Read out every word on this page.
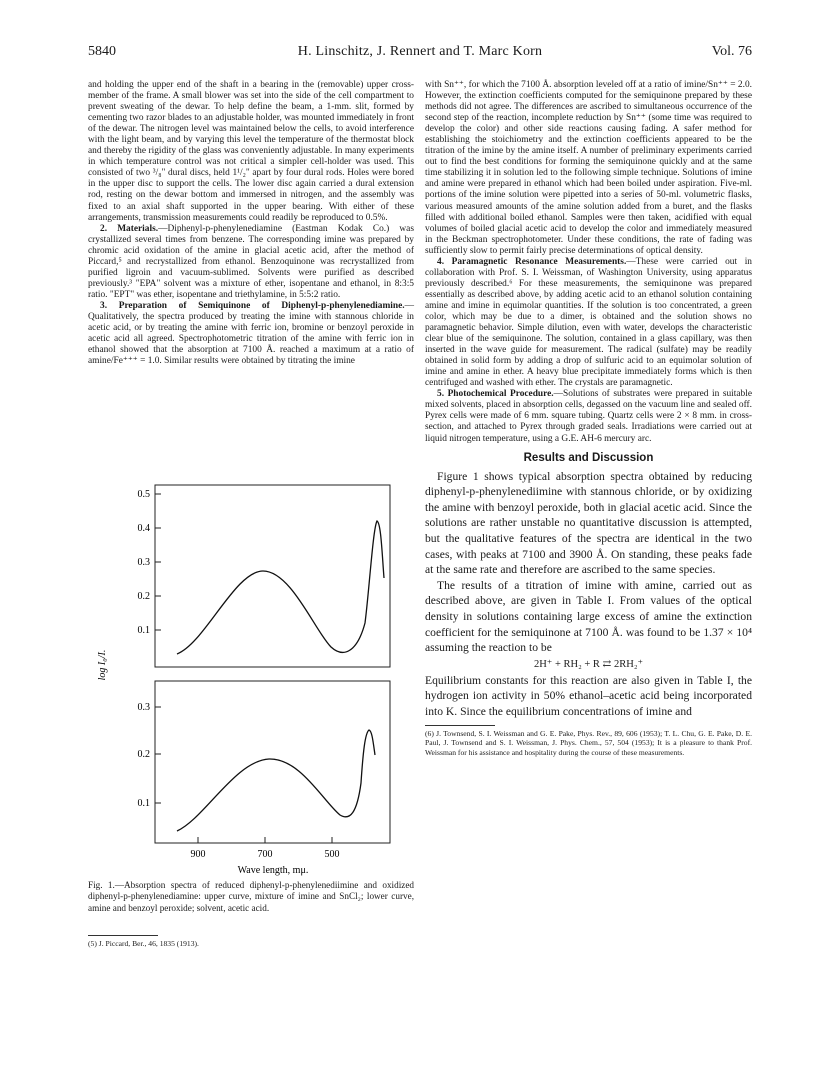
5840	H. Linschitz, J. Rennert and T. Marc Korn	Vol. 76

and holding the upper end of the shaft in a bearing in the (removable) upper cross-member of the frame. A small blower was set into the side of the cell compartment to prevent sweating of the dewar. To help define the beam, a 1-mm. slit, formed by cementing two razor blades to an adjustable holder, was mounted immediately in front of the dewar. The nitrogen level was maintained below the cells, to avoid interference with the light beam, and by varying this level the temperature of the thermostat block and thereby the rigidity of the glass was conveniently adjustable. In many experiments in which temperature control was not critical a simpler cell-holder was used. This consisted of two ³/₈" dural discs, held 1¹/₂" apart by four dural rods. Holes were bored in the upper disc to support the cells. The lower disc again carried a dural extension rod, resting on the dewar bottom and immersed in nitrogen, and the assembly was fixed to an axial shaft supported in the upper bearing. With either of these arrangements, transmission measurements could readily be reproduced to 0.5%.

2. Materials.—Diphenyl-p-phenylenediamine (Eastman Kodak Co.) was crystallized several times from benzene. The corresponding imine was prepared by chromic acid oxidation of the amine in glacial acetic acid, after the method of Piccard,⁵ and recrystallized from ethanol. Benzoquinone was recrystallized from purified ligroin and vacuum-sublimed. Solvents were purified as described previously.³ "EPA" solvent was a mixture of ether, isopentane and ethanol, in 8:3:5 ratio. "EPT" was ether, isopentane and triethylamine, in 5:5:2 ratio.

3. Preparation of Semiquinone of Diphenyl-p-phenylenediamine.—Qualitatively, the spectra produced by treating the imine with stannous chloride in acetic acid, or by treating the amine with ferric ion, bromine or benzoyl peroxide in acetic acid all agreed. Spectrophotometric titration of the amine with ferric ion in ethanol showed that the absorption at 7100 Å. reached a maximum at a ratio of amine/Fe⁺⁺⁺ = 1.0. Similar results were obtained by titrating the imine

0.5
0.4
0.3
0.2
0.1
0.3
0.2
0.1
900	700	500
log I₀/I.
Wave length, mμ.
Fig. 1.—Absorption spectra of reduced diphenyl-p-phenylenediimine and oxidized diphenyl-p-phenylenediamine: upper curve, mixture of imine and SnCl₂; lower curve, amine and benzoyl peroxide; solvent, acetic acid.
(5) J. Piccard, Ber., 46, 1835 (1913).

with Sn⁺⁺, for which the 7100 Å. absorption leveled off at a ratio of imine/Sn⁺⁺ = 2.0. However, the extinction coefficients computed for the semiquinone prepared by these methods did not agree. The differences are ascribed to simultaneous occurrence of the second step of the reaction, incomplete reduction by Sn⁺⁺ (some time was required to develop the color) and other side reactions causing fading. A safer method for establishing the stoichiometry and the extinction coefficients appeared to be the titration of the imine by the amine itself. A number of preliminary experiments carried out to find the best conditions for forming the semiquinone quickly and at the same time stabilizing it in solution led to the following simple technique. Solutions of imine and amine were prepared in ethanol which had been boiled under aspiration. Five-ml. portions of the imine solution were pipetted into a series of 50-ml. volumetric flasks, various measured amounts of the amine solution added from a buret, and the flasks filled with additional boiled ethanol. Samples were then taken, acidified with equal volumes of boiled glacial acetic acid to develop the color and immediately measured in the Beckman spectrophotometer. Under these conditions, the rate of fading was sufficiently slow to permit fairly precise determinations of optical density.

4. Paramagnetic Resonance Measurements.—These were carried out in collaboration with Prof. S. I. Weissman, of Washington University, using apparatus previously described.⁶ For these measurements, the semiquinone was prepared essentially as described above, by adding acetic acid to an ethanol solution containing amine and imine in equimolar quantities. If the solution is too concentrated, a green color, which may be due to a dimer, is obtained and the solution shows no paramagnetic behavior. Simple dilution, even with water, develops the characteristic clear blue of the semiquinone. The solution, contained in a glass capillary, was then inserted in the wave guide for measurement. The radical (sulfate) may be readily obtained in solid form by adding a drop of sulfuric acid to an equimolar solution of imine and amine in ether. A heavy blue precipitate immediately forms which is then centrifuged and washed with ether. The crystals are paramagnetic.

5. Photochemical Procedure.—Solutions of substrates were prepared in suitable mixed solvents, placed in absorption cells, degassed on the vacuum line and sealed off. Pyrex cells were made of 6 mm. square tubing. Quartz cells were 2 × 8 mm. in cross-section, and attached to Pyrex through graded seals. Irradiations were carried out at liquid nitrogen temperature, using a G.E. AH-6 mercury arc.

Results and Discussion

Figure 1 shows typical absorption spectra obtained by reducing diphenyl-p-phenylenediimine with stannous chloride, or by oxidizing the amine with benzoyl peroxide, both in glacial acetic acid. Since the solutions are rather unstable no quantitative discussion is attempted, but the qualitative features of the spectra are identical in the two cases, with peaks at 7100 and 3900 Å. On standing, these peaks fade at the same rate and therefore are ascribed to the same species.

The results of a titration of imine with amine, carried out as described above, are given in Table I. From values of the optical density in solutions containing large excess of amine the extinction coefficient for the semiquinone at 7100 Å. was found to be 1.37 × 10⁴ assuming the reaction to be

2H⁺ + RH₂ + R ⇄ 2RH₂⁺

Equilibrium constants for this reaction are also given in Table I, the hydrogen ion activity in 50% ethanol–acetic acid being incorporated into K. Since the equilibrium concentrations of imine and

(6) J. Townsend, S. I. Weissman and G. E. Pake, Phys. Rev., 89, 606 (1953); T. L. Chu, G. E. Pake, D. E. Paul, J. Townsend and S. I. Weissman, J. Phys. Chem., 57, 504 (1953); It is a pleasure to thank Prof. Weissman for his assistance and hospitality during the course of these measurements.
